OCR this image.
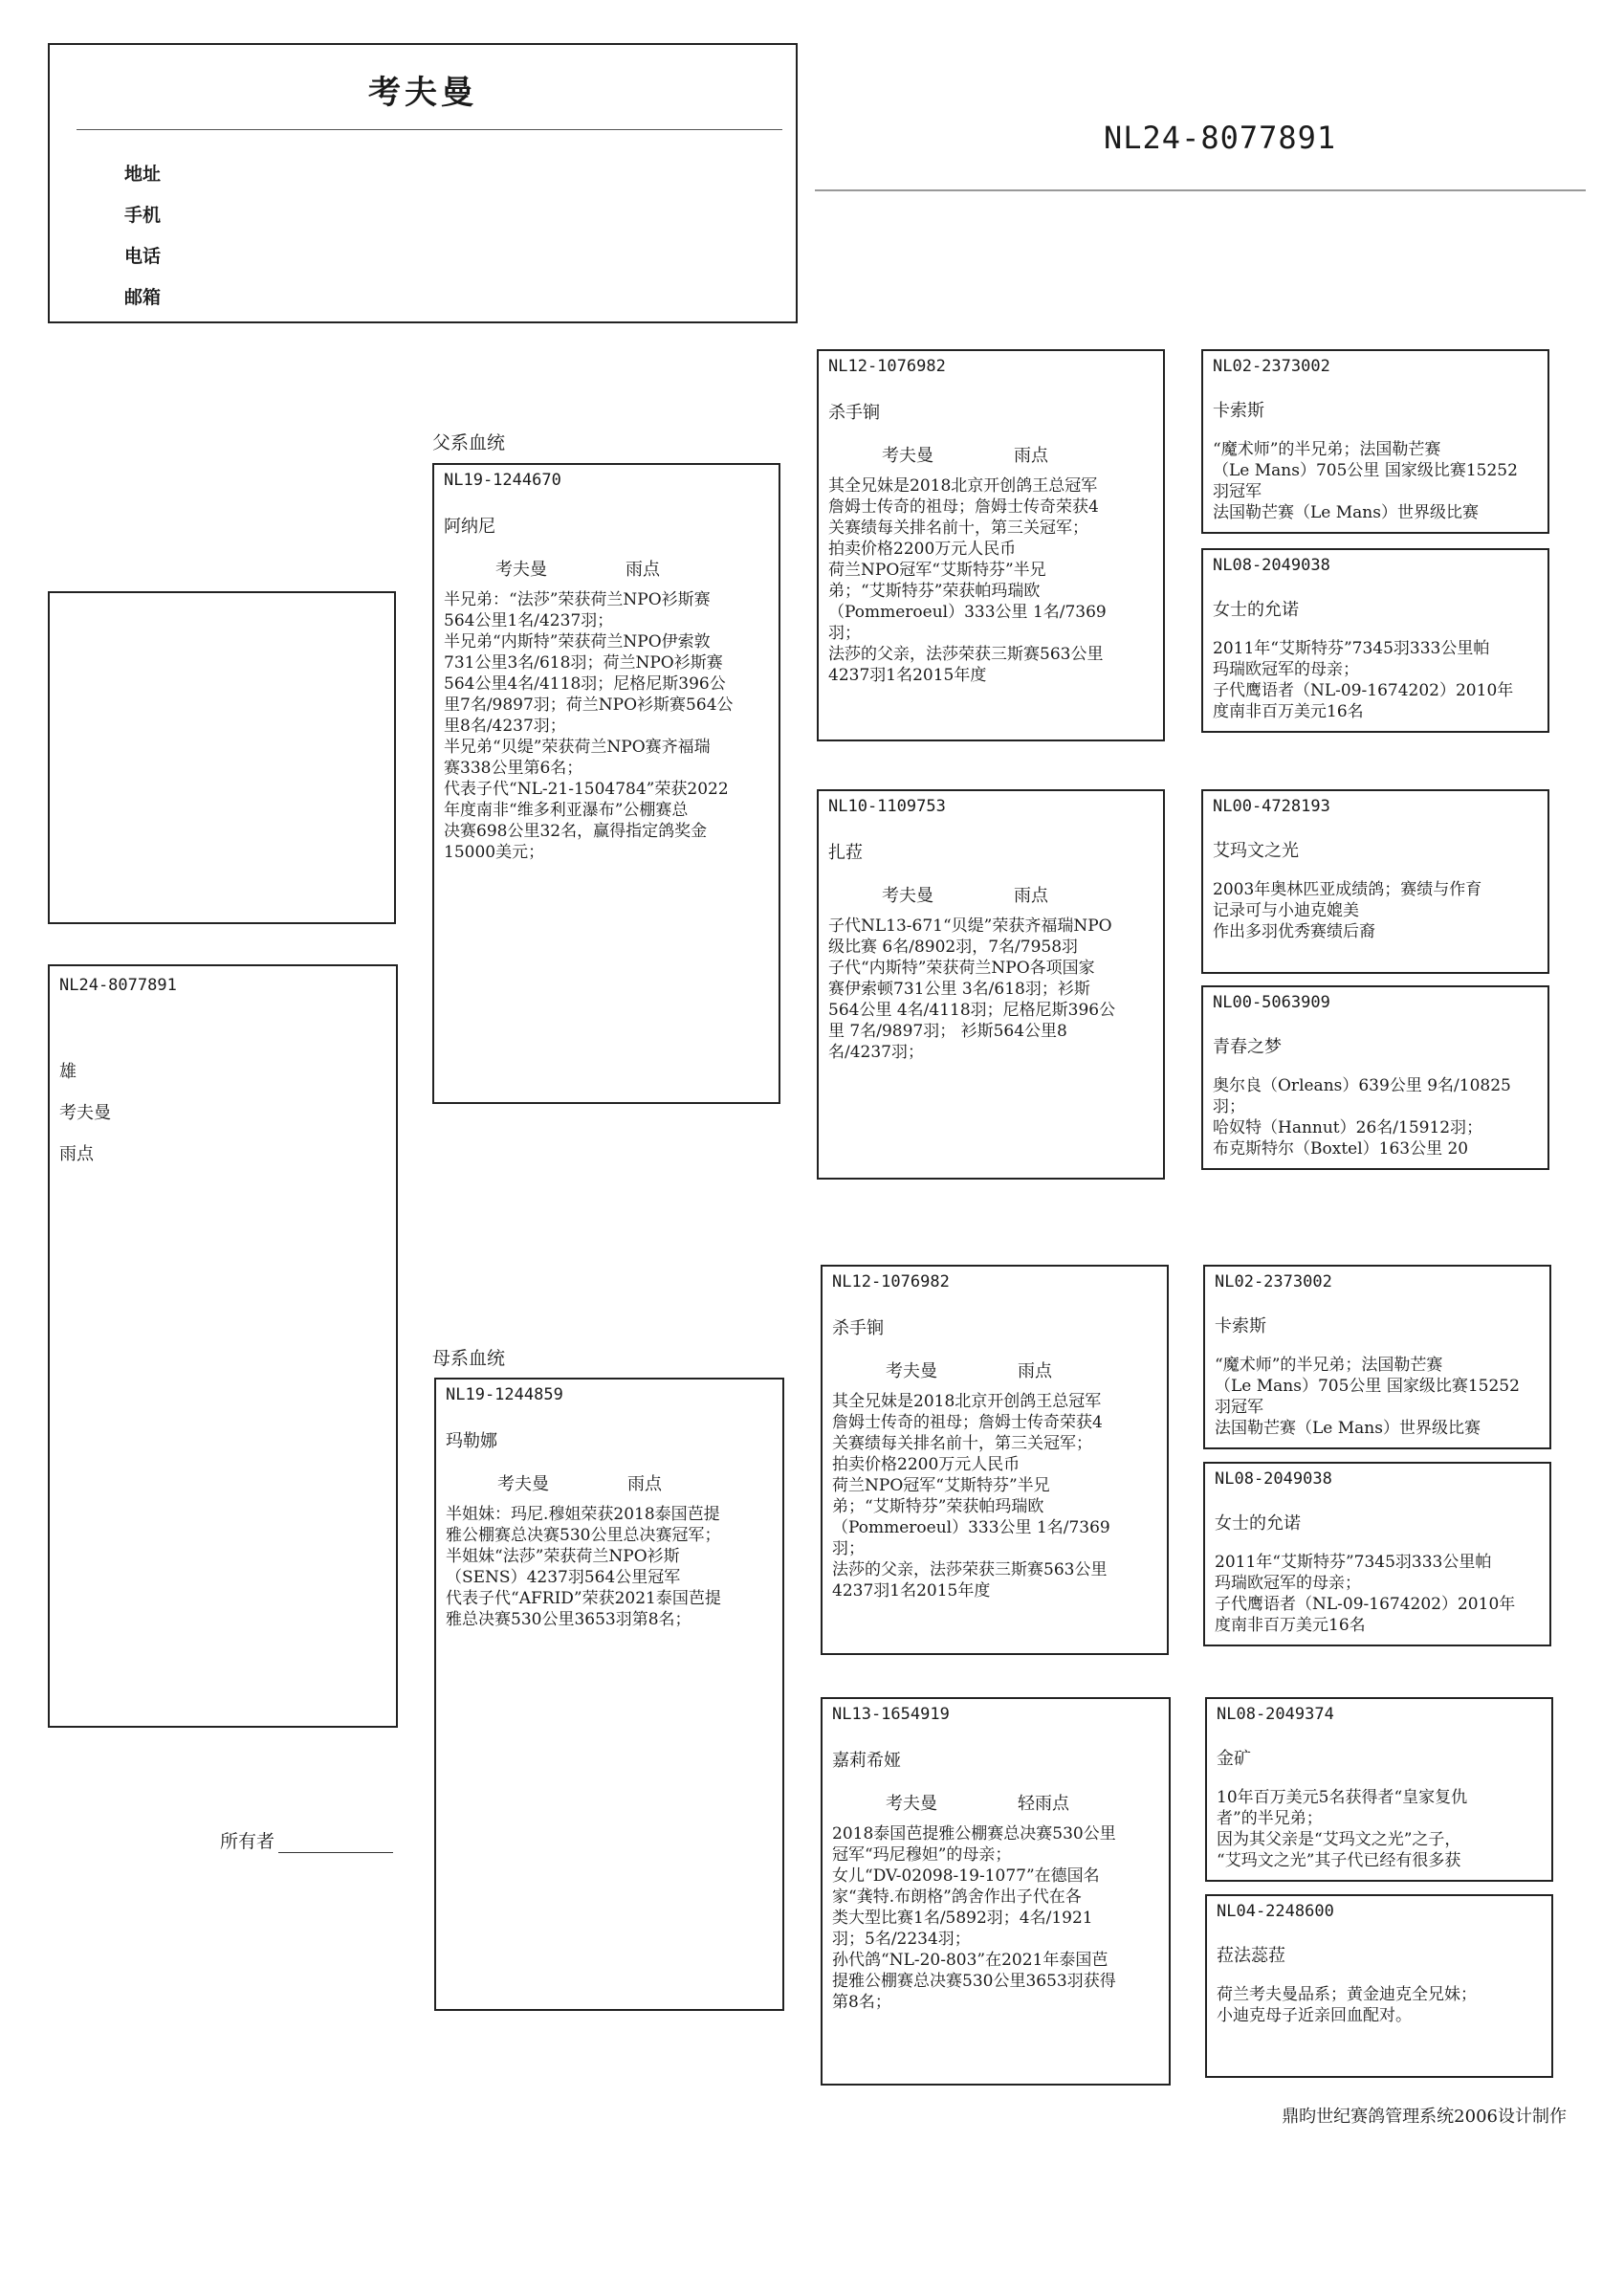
考夫曼
地址
手机
电话
邮箱
NL24-8077891
NL24-8077891
雄
考夫曼
雨点
所有者
父系血统
母系血统
NL19-1244670
阿纳尼
考夫曼	雨点
半兄弟：“法莎”荣获荷兰NPO衫斯赛
564公里1名/4237羽；
半兄弟“内斯特”荣获荷兰NPO伊索敦
731公里3名/618羽；荷兰NPO衫斯赛
564公里4名/4118羽；尼格尼斯396公
里7名/9897羽；荷兰NPO衫斯赛564公
里8名/4237羽；
半兄弟“贝缇”荣获荷兰NPO赛齐福瑞
赛338公里第6名；
代表子代“NL-21-1504784”荣获2022
年度南非“维多利亚瀑布”公棚赛总
决赛698公里32名，赢得指定鸽奖金
15000美元；
NL19-1244859
玛勒娜
考夫曼	雨点
半姐妹：玛尼.穆姐荣获2018泰国芭提
雅公棚赛总决赛530公里总决赛冠军；
半姐妹“法莎”荣获荷兰NPO衫斯
（SENS）4237羽564公里冠军
代表子代“AFRID”荣获2021泰国芭提
雅总决赛530公里3653羽第8名；
NL12-1076982
杀手锏
考夫曼	雨点
其全兄妹是2018北京开创鸽王总冠军
詹姆士传奇的祖母；詹姆士传奇荣获4
关赛绩每关排名前十，第三关冠军；
拍卖价格2200万元人民币
荷兰NPO冠军“艾斯特芬”半兄
弟；“艾斯特芬”荣获帕玛瑞欧
（Pommeroeul）333公里 1名/7369
羽；
法莎的父亲，法莎荣获三斯赛563公里
4237羽1名2015年度
NL10-1109753
扎菈
考夫曼	雨点
子代NL13-671“贝缇”荣获齐福瑞NPO
级比赛 6名/8902羽，7名/7958羽
子代“内斯特”荣获荷兰NPO各项国家
赛伊索顿731公里 3名/618羽；衫斯
564公里 4名/4118羽；尼格尼斯396公
里 7名/9897羽； 衫斯564公里8
名/4237羽；
NL12-1076982
杀手锏
考夫曼	雨点
其全兄妹是2018北京开创鸽王总冠军
詹姆士传奇的祖母；詹姆士传奇荣获4
关赛绩每关排名前十，第三关冠军；
拍卖价格2200万元人民币
荷兰NPO冠军“艾斯特芬”半兄
弟；“艾斯特芬”荣获帕玛瑞欧
（Pommeroeul）333公里 1名/7369
羽；
法莎的父亲，法莎荣获三斯赛563公里
4237羽1名2015年度
NL13-1654919
嘉莉希娅
考夫曼	轻雨点
2018泰国芭提雅公棚赛总决赛530公里
冠军“玛尼穆妲”的母亲；
女儿“DV-02098-19-1077”在德国名
家“龚特.布朗格”鸽舍作出子代在各
类大型比赛1名/5892羽；4名/1921
羽；5名/2234羽；
孙代鸽“NL-20-803”在2021年泰国芭
提雅公棚赛总决赛530公里3653羽获得
第8名；
NL02-2373002
卡索斯
“魔术师”的半兄弟；法国勒芒赛
（Le Mans）705公里 国家级比赛15252
羽冠军
法国勒芒赛（Le Mans）世界级比赛
NL08-2049038
女士的允诺
2011年“艾斯特芬”7345羽333公里帕
玛瑞欧冠军的母亲；
子代鹰语者（NL-09-1674202）2010年
度南非百万美元16名
NL00-4728193
艾玛文之光
2003年奥林匹亚成绩鸽；赛绩与作育
记录可与小迪克媲美
作出多羽优秀赛绩后裔
NL00-5063909
青春之梦
奥尔良（Orleans）639公里 9名/10825
羽；
哈奴特（Hannut）26名/15912羽；
布克斯特尔（Boxtel）163公里 20
NL02-2373002
卡索斯
“魔术师”的半兄弟；法国勒芒赛
（Le Mans）705公里 国家级比赛15252
羽冠军
法国勒芒赛（Le Mans）世界级比赛
NL08-2049038
女士的允诺
2011年“艾斯特芬”7345羽333公里帕
玛瑞欧冠军的母亲；
子代鹰语者（NL-09-1674202）2010年
度南非百万美元16名
NL08-2049374
金矿
10年百万美元5名获得者“皇家复仇
者”的半兄弟；
因为其父亲是“艾玛文之光”之子，
“艾玛文之光”其子代已经有很多获
NL04-2248600
菈法蕊菈
荷兰考夫曼品系；黄金迪克全兄妹；
小迪克母子近亲回血配对。
鼎昀世纪赛鸽管理系统2006设计制作
